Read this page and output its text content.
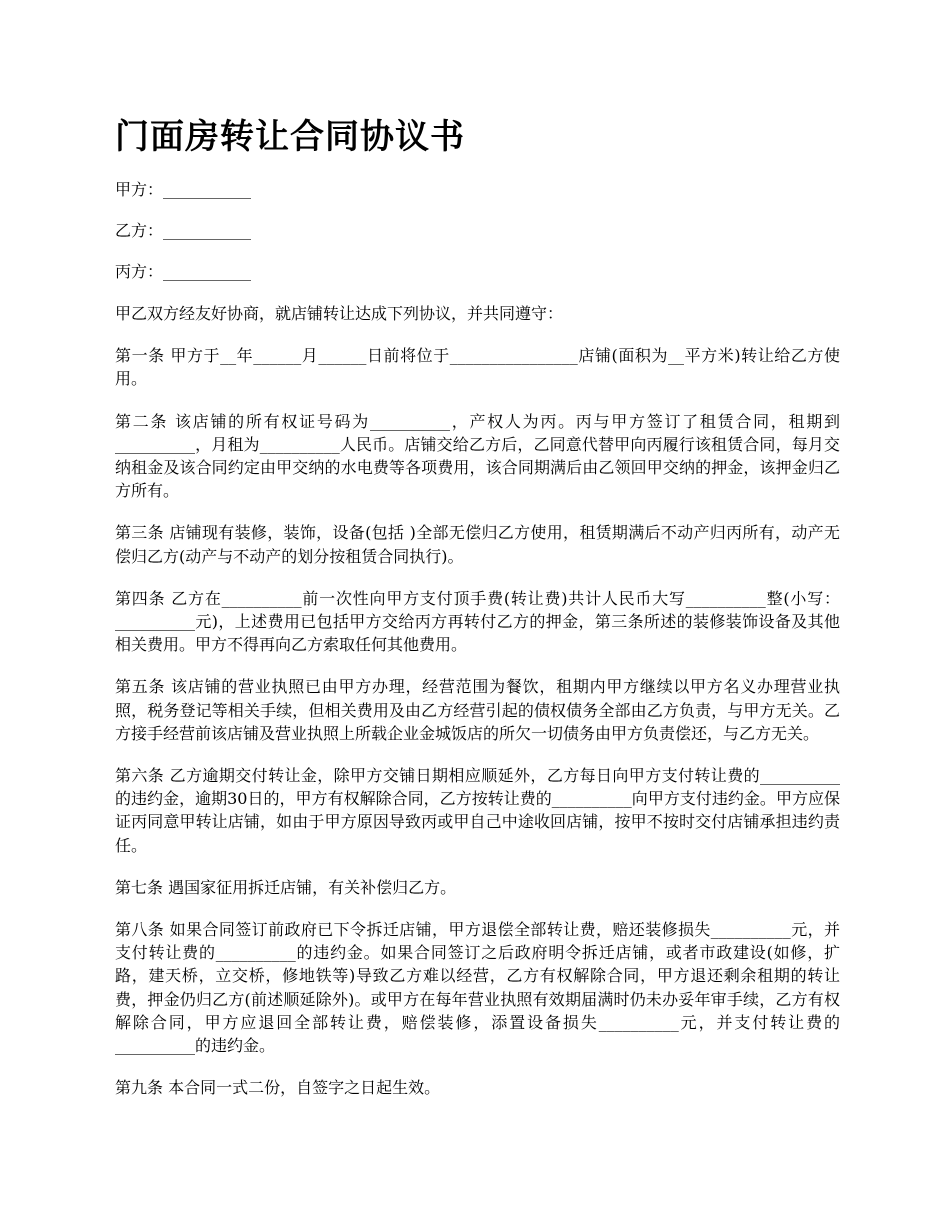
门面房转让合同协议书

甲方：___________

乙方：___________

丙方：___________

甲乙双方经友好协商，就店铺转让达成下列协议，并共同遵守：

第一条 甲方于__年______月______日前将位于________________店铺(面积为__平方米)转让给乙方使用。

第二条 该店铺的所有权证号码为__________，产权人为丙。丙与甲方签订了租赁合同，租期到__________，月租为__________人民币。店铺交给乙方后，乙同意代替甲向丙履行该租赁合同，每月交纳租金及该合同约定由甲交纳的水电费等各项费用，该合同期满后由乙领回甲交纳的押金，该押金归乙方所有。

第三条 店铺现有装修，装饰，设备(包括 )全部无偿归乙方使用，租赁期满后不动产归丙所有，动产无偿归乙方(动产与不动产的划分按租赁合同执行)。

第四条 乙方在__________前一次性向甲方支付顶手费(转让费)共计人民币大写__________整(小写：__________元)，上述费用已包括甲方交给丙方再转付乙方的押金，第三条所述的装修装饰设备及其他相关费用。甲方不得再向乙方索取任何其他费用。

第五条 该店铺的营业执照已由甲方办理，经营范围为餐饮，租期内甲方继续以甲方名义办理营业执照，税务登记等相关手续，但相关费用及由乙方经营引起的债权债务全部由乙方负责，与甲方无关。乙方接手经营前该店铺及营业执照上所载企业金城饭店的所欠一切债务由甲方负责偿还，与乙方无关。

第六条 乙方逾期交付转让金，除甲方交铺日期相应顺延外，乙方每日向甲方支付转让费的__________的违约金，逾期30日的，甲方有权解除合同，乙方按转让费的__________向甲方支付违约金。甲方应保证丙同意甲转让店铺，如由于甲方原因导致丙或甲自己中途收回店铺，按甲不按时交付店铺承担违约责任。

第七条 遇国家征用拆迁店铺，有关补偿归乙方。

第八条 如果合同签订前政府已下令拆迁店铺，甲方退偿全部转让费，赔还装修损失__________元，并支付转让费的__________的违约金。如果合同签订之后政府明令拆迁店铺，或者市政建设(如修，扩路，建天桥，立交桥，修地铁等)导致乙方难以经营，乙方有权解除合同，甲方退还剩余租期的转让费，押金仍归乙方(前述顺延除外)。或甲方在每年营业执照有效期届满时仍未办妥年审手续，乙方有权解除合同，甲方应退回全部转让费，赔偿装修，添置设备损失__________元，并支付转让费的__________的违约金。

第九条 本合同一式二份，自签字之日起生效。
